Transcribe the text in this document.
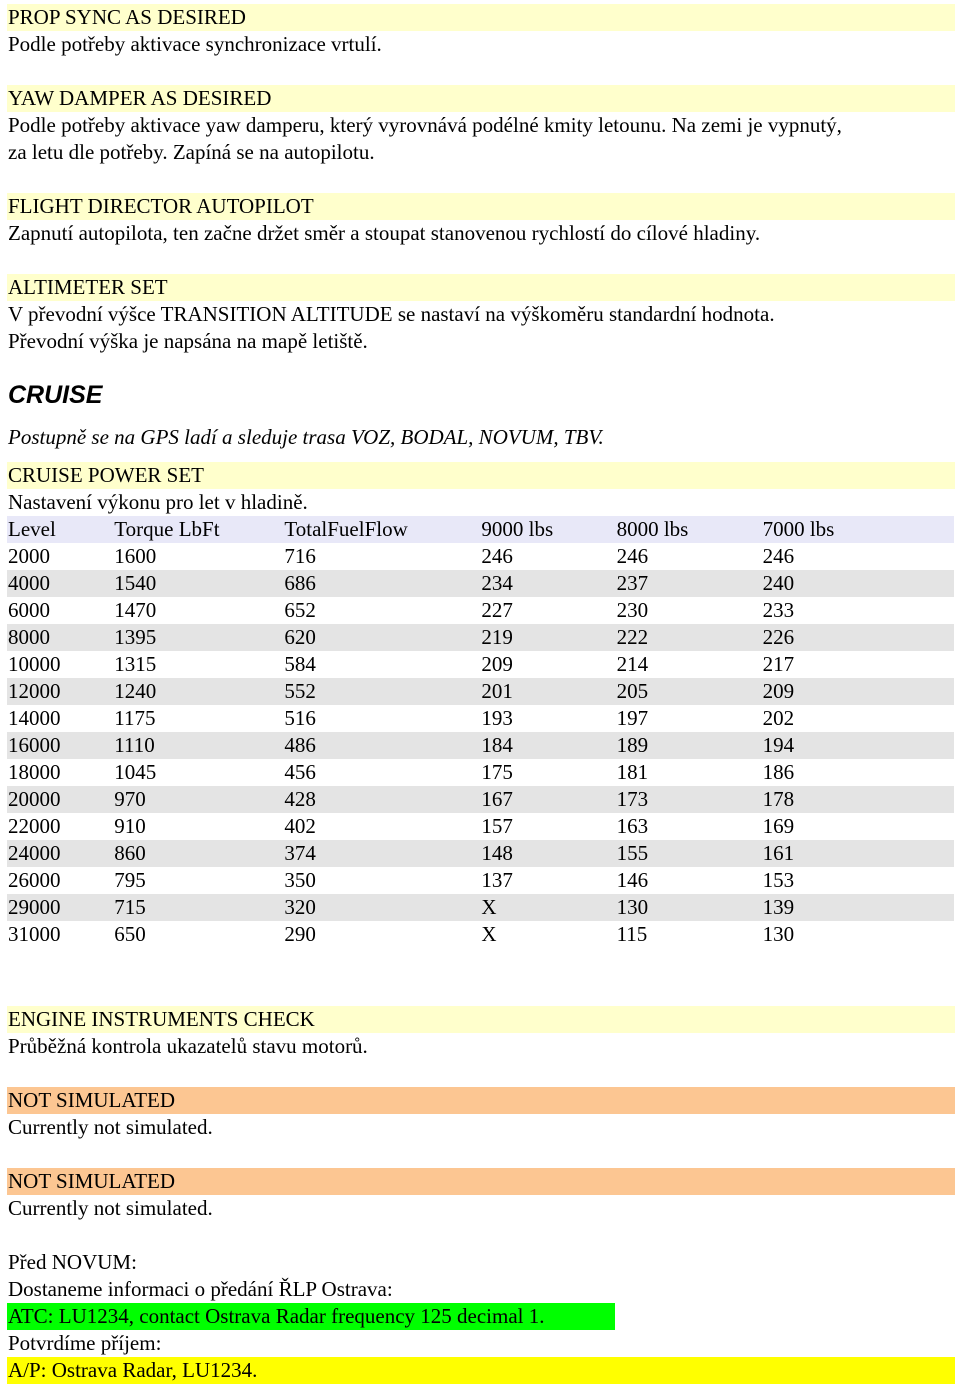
PROP SYNC AS DESIRED
Podle potřeby aktivace synchronizace vrtulí.
YAW DAMPER AS DESIRED
Podle potřeby aktivace yaw damperu, který vyrovnává podélné kmity letounu. Na zemi je vypnutý,
za letu dle potřeby. Zapíná se na autopilotu.
FLIGHT DIRECTOR AUTOPILOT
Zapnutí autopilota, ten začne držet směr a stoupat stanovenou rychlostí do cílové hladiny.
ALTIMETER SET
V převodní výšce TRANSITION ALTITUDE se nastaví na výškoměru standardní hodnota.
Převodní výška je napsána na mapě letiště.
CRUISE
Postupně se na GPS ladí a sleduje trasa VOZ, BODAL, NOVUM, TBV.
CRUISE POWER SET
Nastavení výkonu pro let v hladině.
Level	Torque LbFt	TotalFuelFlow	9000 lbs	8000 lbs	7000 lbs
2000	1600	716	246	246	246
4000	1540	686	234	237	240
6000	1470	652	227	230	233
8000	1395	620	219	222	226
10000	1315	584	209	214	217
12000	1240	552	201	205	209
14000	1175	516	193	197	202
16000	1110	486	184	189	194
18000	1045	456	175	181	186
20000	970	428	167	173	178
22000	910	402	157	163	169
24000	860	374	148	155	161
26000	795	350	137	146	153
29000	715	320	X	130	139
31000	650	290	X	115	130
ENGINE INSTRUMENTS CHECK
Průběžná kontrola ukazatelů stavu motorů.
NOT SIMULATED
Currently not simulated.
NOT SIMULATED
Currently not simulated.
Před NOVUM:
Dostaneme informaci o předání ŘLP Ostrava:
ATC: LU1234, contact Ostrava Radar frequency 125 decimal 1.
Potvrdíme příjem:
A/P: Ostrava Radar, LU1234.
